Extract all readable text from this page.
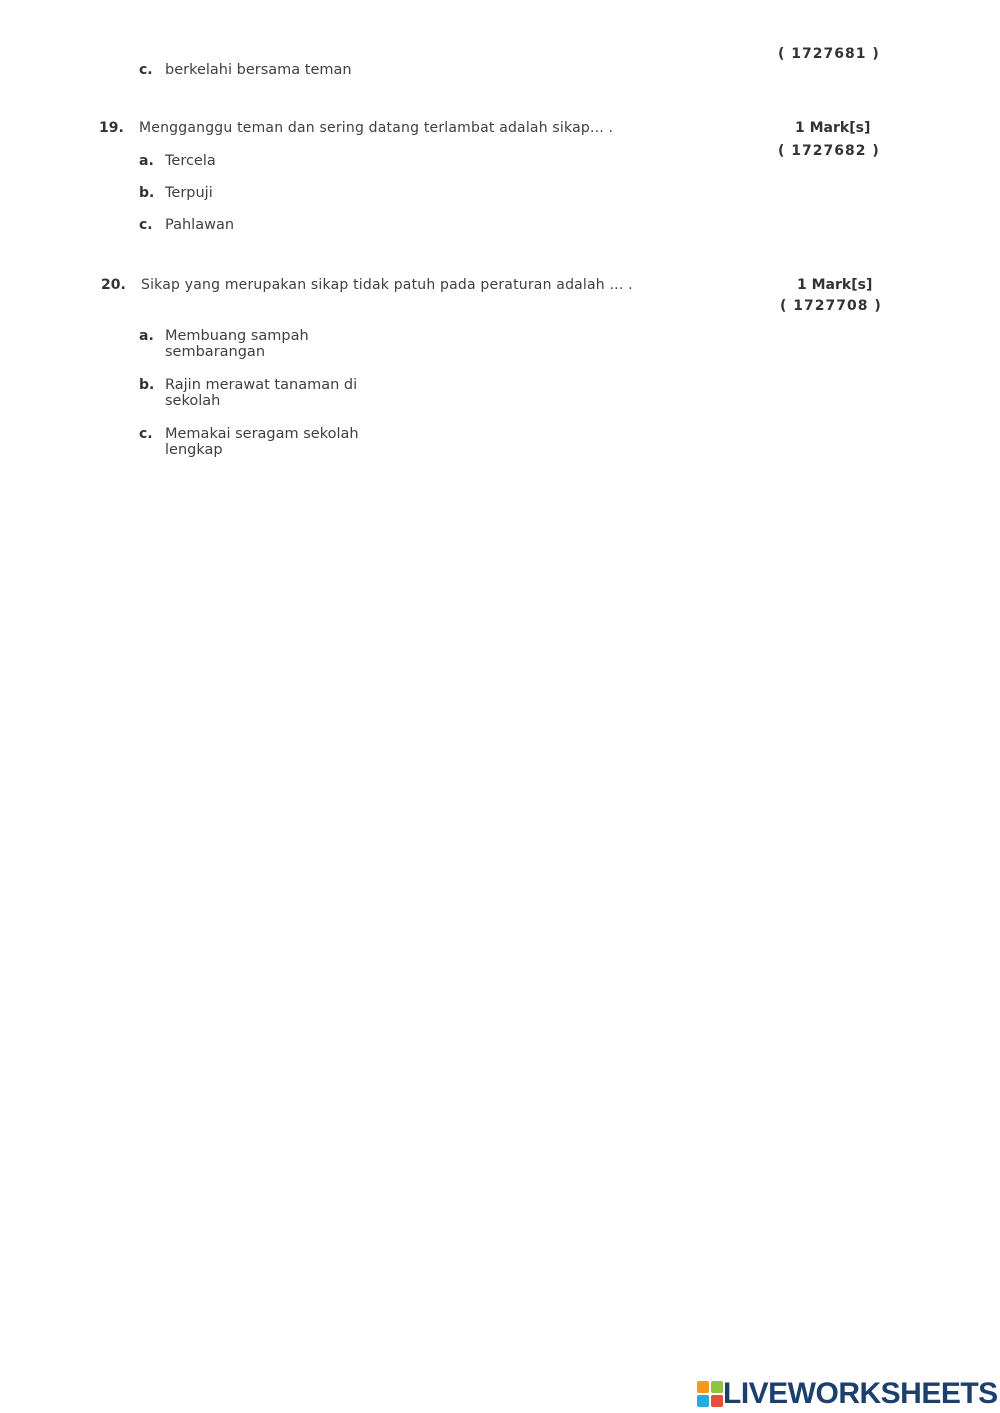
( 1727681 )
c. berkelahi bersama teman
19. Mengganggu teman dan sering datang terlambat adalah sikap... .	1 Mark[s]
( 1727682 )
a. Tercela
b. Terpuji
c. Pahlawan
20. Sikap yang merupakan sikap tidak patuh pada peraturan adalah ... .	1 Mark[s]
( 1727708 )
a. Membuang sampah
sembarangan
b. Rajin merawat tanaman di
sekolah
c. Memakai seragam sekolah
lengkap
LIVEWORKSHEETS
